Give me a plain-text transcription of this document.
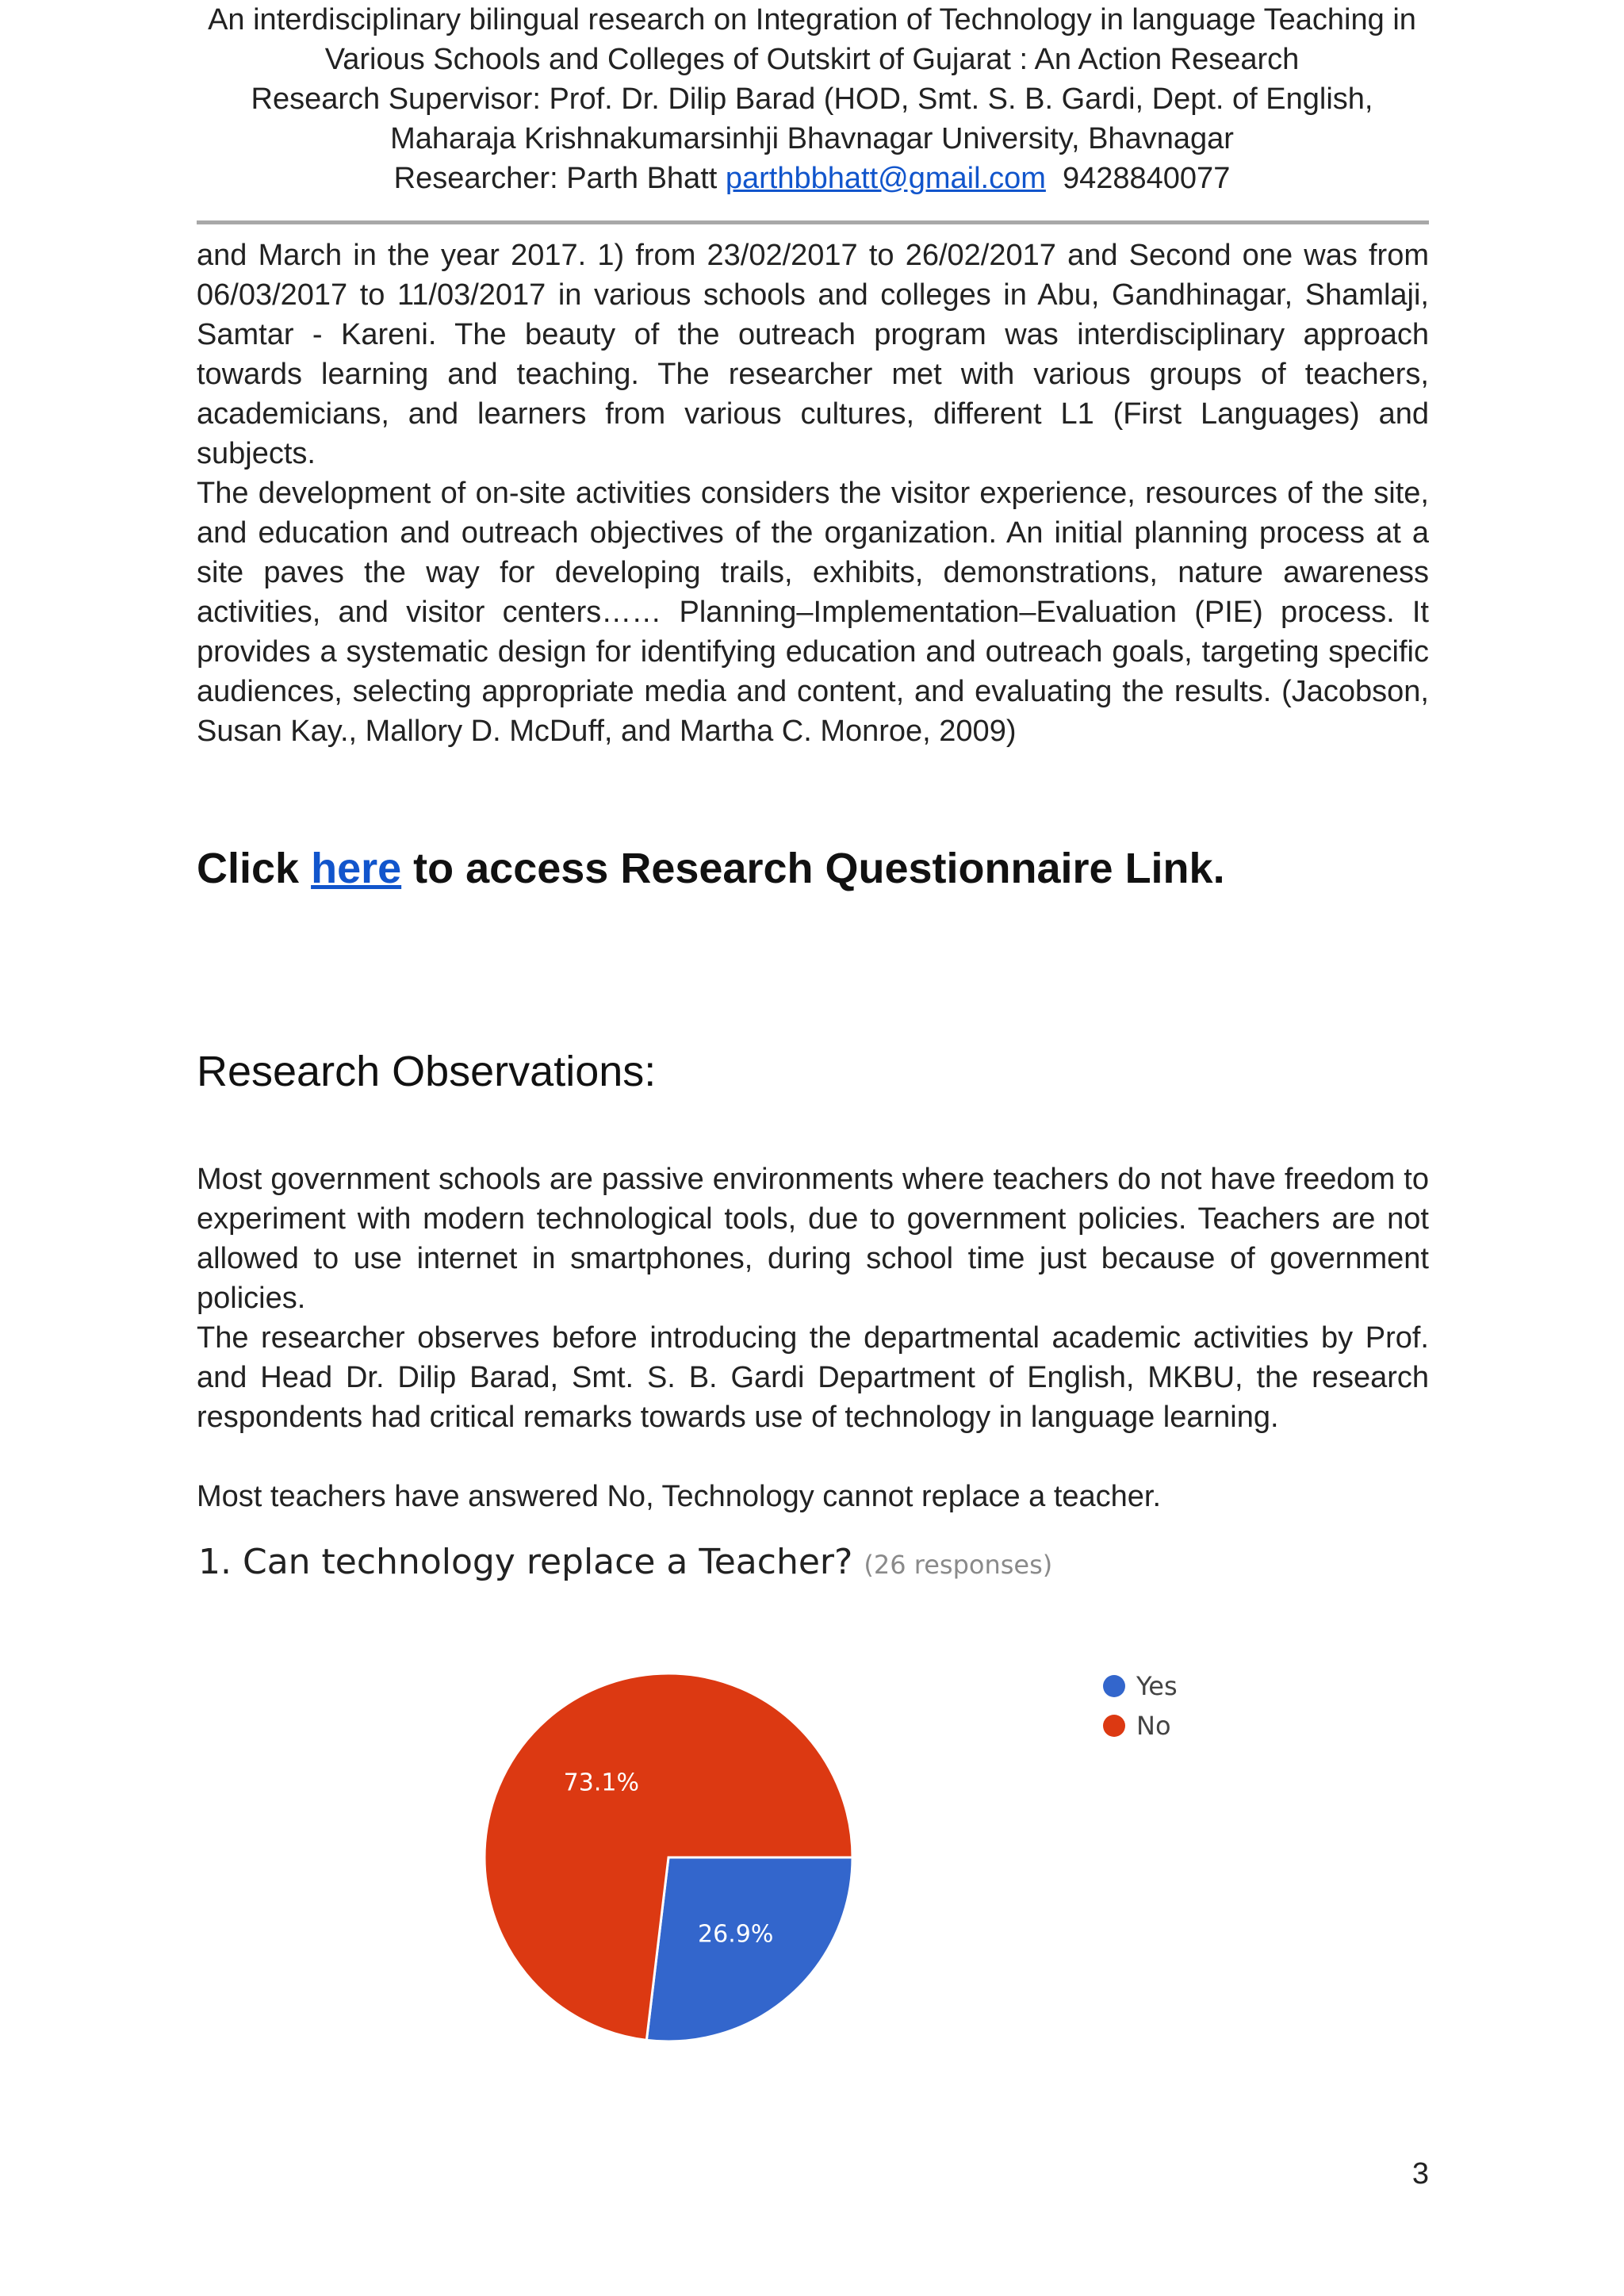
An interdisciplinary bilingual research on Integration of Technology in language Teaching in
Various Schools and Colleges of Outskirt of Gujarat : An Action Research
Research Supervisor: Prof. Dr. Dilip Barad (HOD, Smt. S. B. Gardi, Dept. of English,
Maharaja Krishnakumarsinhji Bhavnagar University, Bhavnagar
Researcher: Parth Bhatt parthbbhatt@gmail.com  9428840077

and March in the year 2017. 1) from 23/02/2017 to 26/02/2017 and Second one was from 06/03/2017 to 11/03/2017 in various schools and colleges in Abu, Gandhinagar, Shamlaji, Samtar - Kareni. The beauty of the outreach program was interdisciplinary approach towards learning and teaching. The researcher met with various groups of teachers, academicians, and learners from various cultures, different L1 (First Languages) and subjects.

The development of on-site activities considers the visitor experience, resources of the site, and education and outreach objectives of the organization. An initial planning process at a site paves the way for developing trails, exhibits, demonstrations, nature awareness activities, and visitor centers…… Planning–Implementation–Evaluation (PIE) process. It provides a systematic design for identifying education and outreach goals, targeting specific audiences, selecting appropriate media and content, and evaluating the results. (Jacobson, Susan Kay., Mallory D. McDuff, and Martha C. Monroe, 2009)

Click here to access Research Questionnaire Link.
Research Observations:

Most government schools are passive environments where teachers do not have freedom to experiment with modern technological tools, due to government policies. Teachers are not allowed to use internet in smartphones, during school time just because of government policies.

The researcher observes before introducing the departmental academic activities by Prof. and Head Dr. Dilip Barad, Smt. S. B. Gardi Department of English, MKBU, the research respondents had critical remarks towards use of technology in language learning.

Most teachers have answered No, Technology cannot replace a teacher.

1. Can technology replace a Teacher? (26 responses)
26.9%
73.1%
Yes
No
3
